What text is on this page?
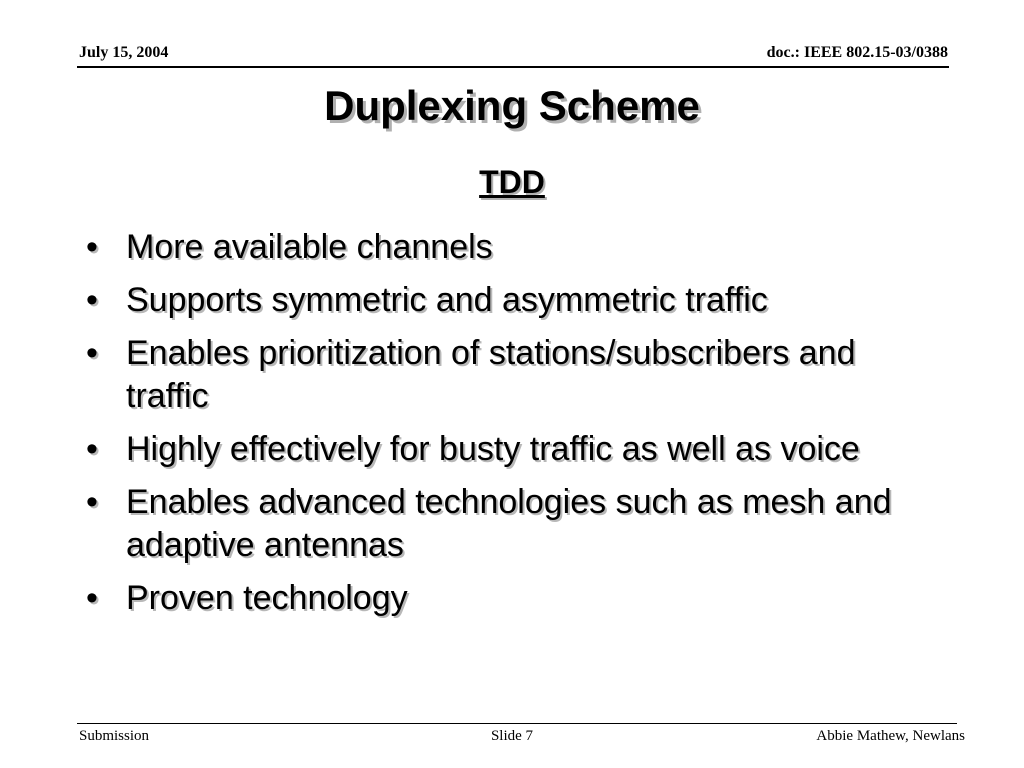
July 15, 2004	doc.: IEEE 802.15-03/0388
Duplexing Scheme
TDD
• More available channels
• Supports symmetric and asymmetric traffic
• Enables prioritization of stations/subscribers and traffic
• Highly effectively for busty traffic as well as voice
• Enables advanced technologies such as mesh and adaptive antennas
• Proven technology
Submission	Slide 7	Abbie Mathew, Newlans
